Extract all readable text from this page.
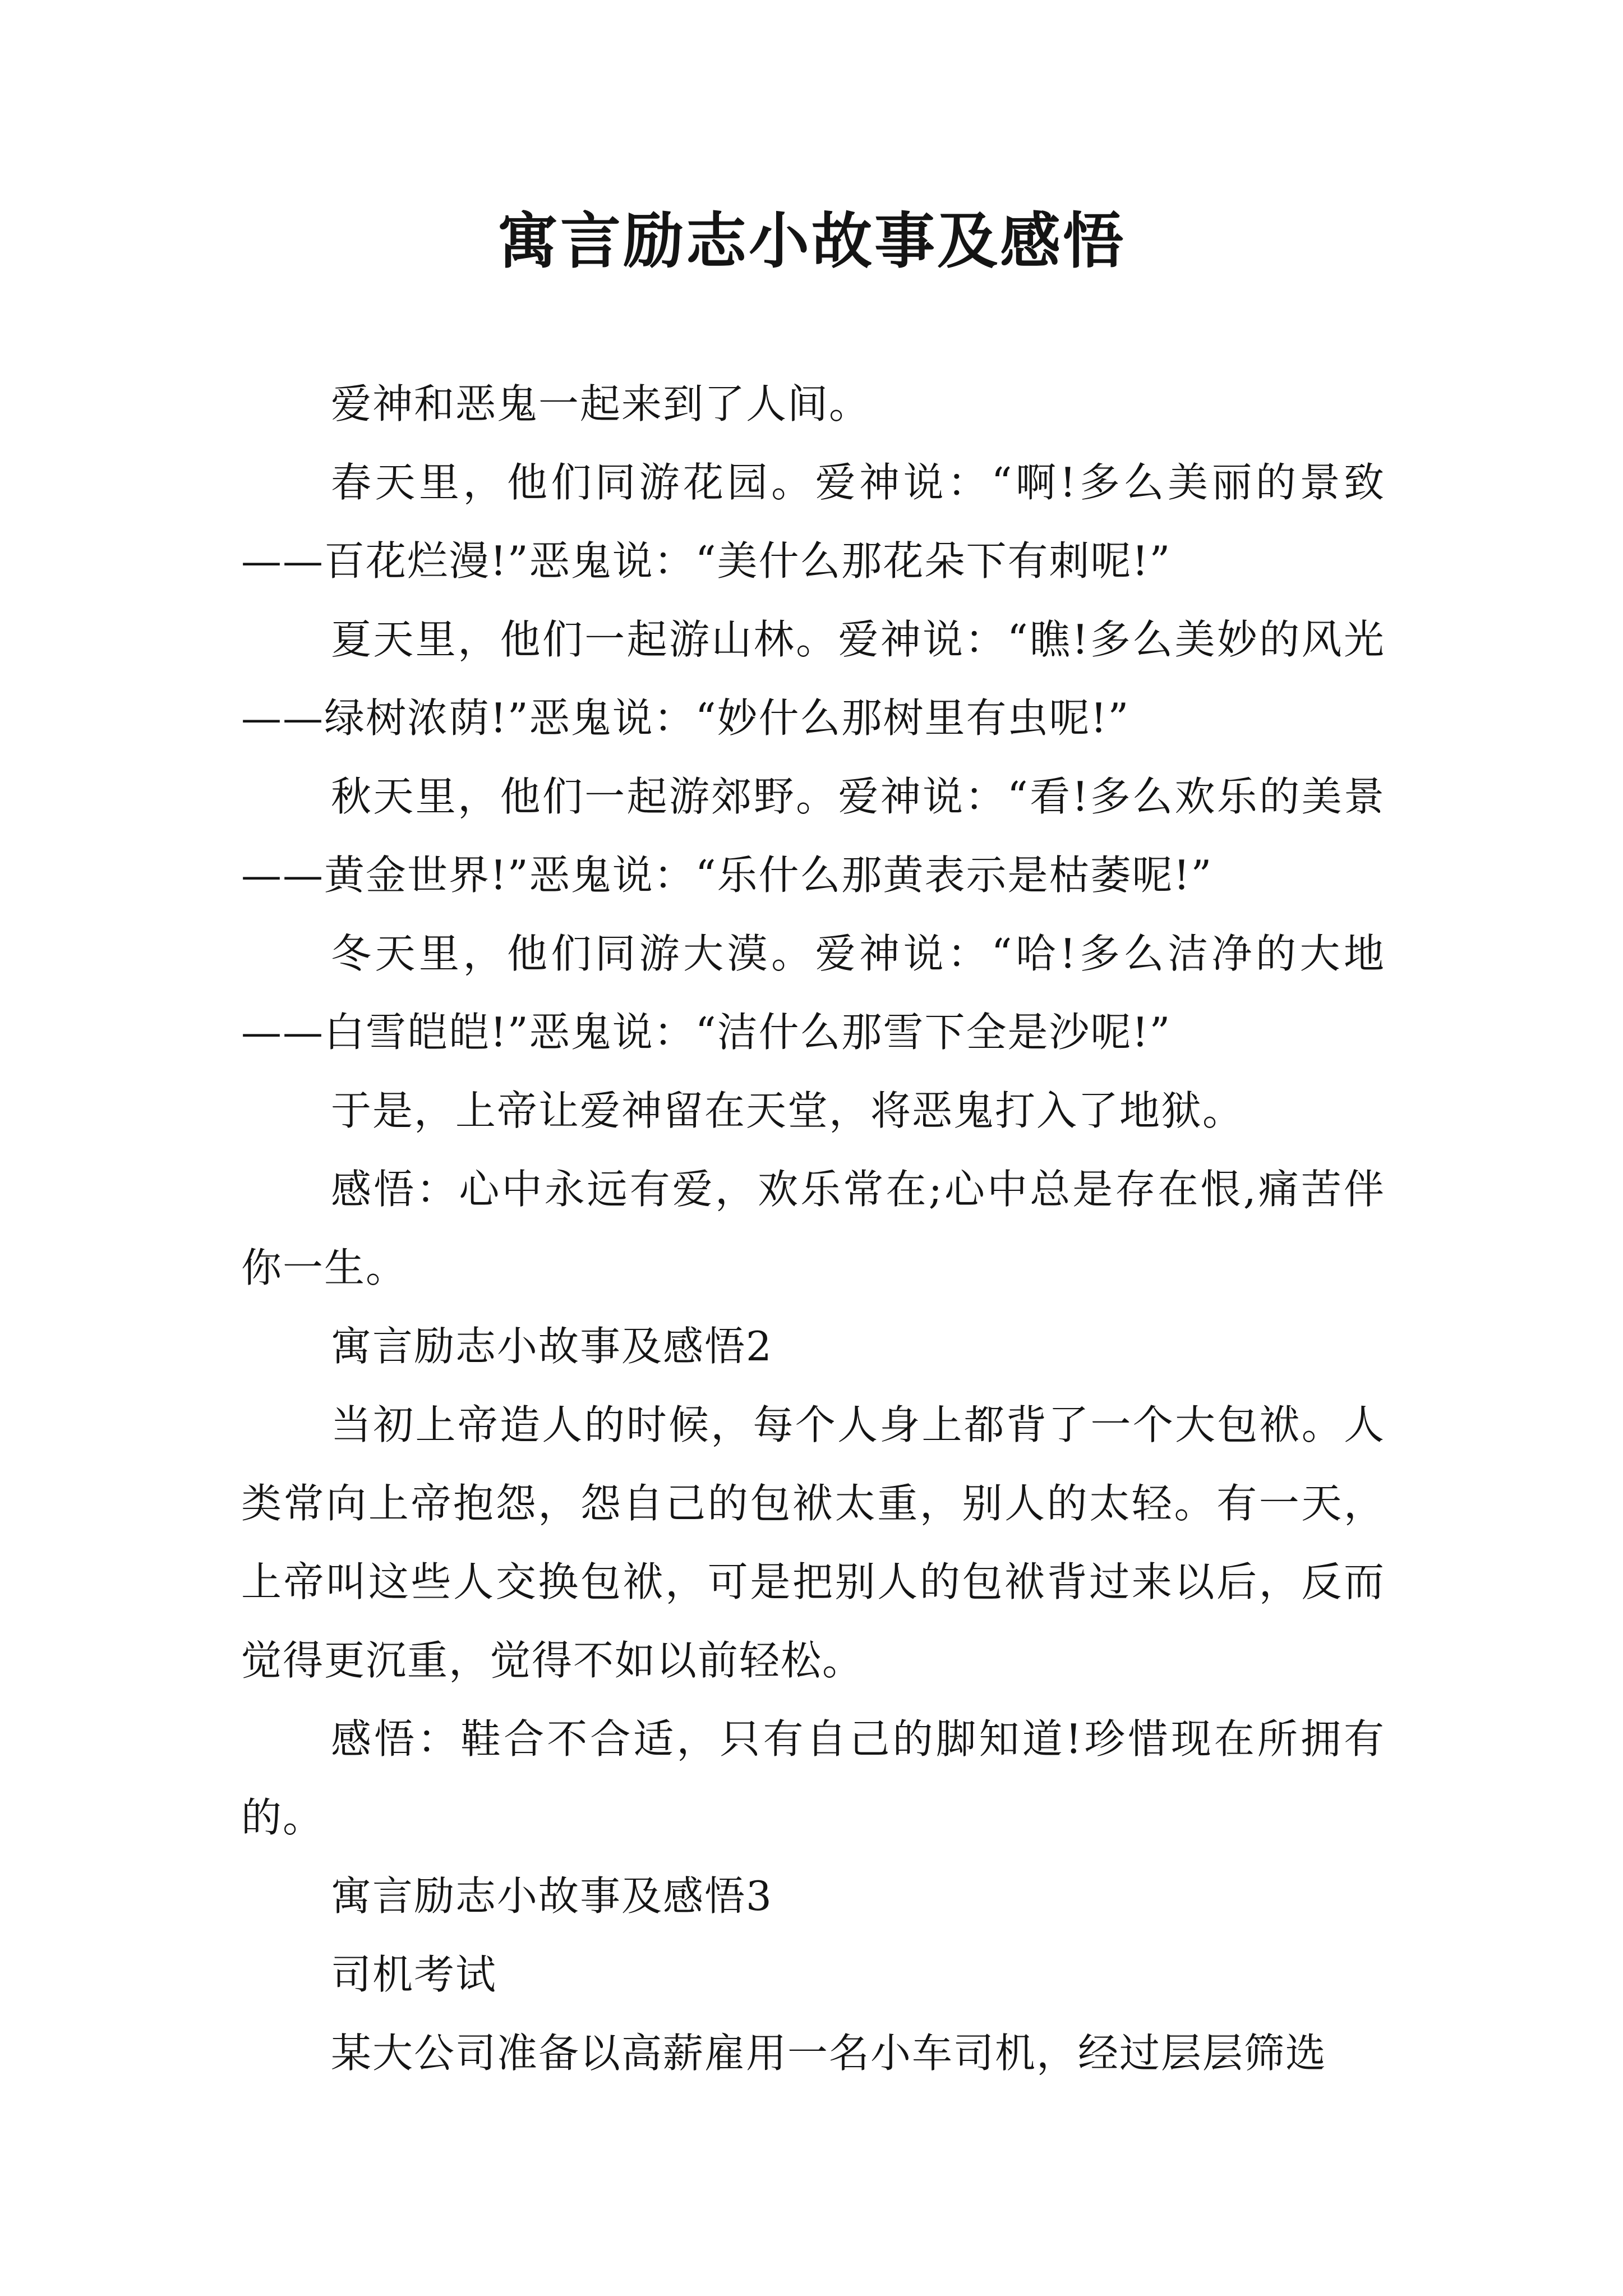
寓言励志小故事及感悟

爱神和恶鬼一起来到了人间。

春天里，他们同游花园。爱神说：“啊!多么美丽的景致——百花烂漫!”恶鬼说：“美什么那花朵下有刺呢!”

夏天里，他们一起游山林。爱神说：“瞧!多么美妙的风光——绿树浓荫!”恶鬼说：“妙什么那树里有虫呢!”

秋天里，他们一起游郊野。爱神说：“看!多么欢乐的美景——黄金世界!”恶鬼说：“乐什么那黄表示是枯萎呢!”

冬天里，他们同游大漠。爱神说：“哈!多么洁净的大地——白雪皑皑!”恶鬼说：“洁什么那雪下全是沙呢!”

于是，上帝让爱神留在天堂，将恶鬼打入了地狱。

感悟：心中永远有爱，欢乐常在;心中总是存在恨,痛苦伴你一生。

寓言励志小故事及感悟2

当初上帝造人的时候，每个人身上都背了一个大包袱。人类常向上帝抱怨，怨自己的包袱太重，别人的太轻。有一天，上帝叫这些人交换包袱，可是把别人的包袱背过来以后，反而觉得更沉重，觉得不如以前轻松。

感悟：鞋合不合适，只有自己的脚知道!珍惜现在所拥有的。

寓言励志小故事及感悟3

司机考试

某大公司准备以高薪雇用一名小车司机，经过层层筛选
